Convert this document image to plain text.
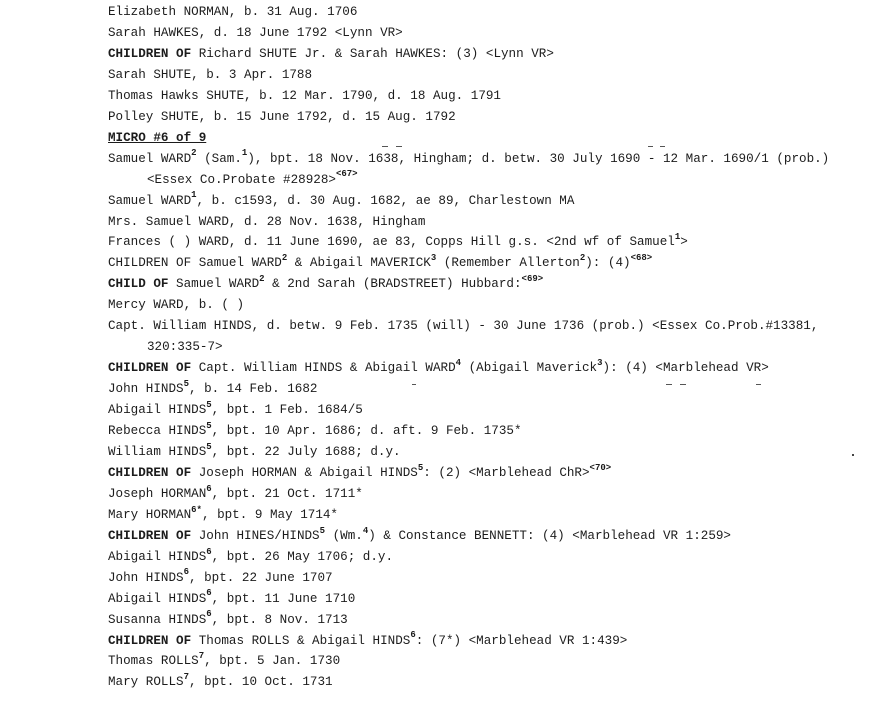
Elizabeth NORMAN, b. 31 Aug. 1706
Sarah HAWKES, d. 18 June 1792 <Lynn VR>
CHILDREN OF Richard SHUTE Jr. & Sarah HAWKES: (3) <Lynn VR>
Sarah SHUTE, b. 3 Apr. 1788
Thomas Hawks SHUTE, b. 12 Mar. 1790, d. 18 Aug. 1791
Polley SHUTE, b. 15 June 1792, d. 15 Aug. 1792
MICRO #6 of 9
Samuel WARD$^2$ (Sam.$^1$), bpt. 18 Nov. 1638, Hingham; d. betw. 30 July 1690 - 12 Mar. 1690/1 (prob.)
<Essex Co.Probate #28928>$^{<67>}$
Samuel WARD$^1$, b. c1593, d. 30 Aug. 1682, ae 89, Charlestown MA
Mrs. Samuel WARD, d. 28 Nov. 1638, Hingham
Frances ( ) WARD, d. 11 June 1690, ae 83, Copps Hill g.s. <2nd wf of Samuel$^1$>
CHILDREN OF Samuel WARD$^2$ & Abigail MAVERICK$^3$ (Remember Allerton$^2$): $(4)^{<68>}$
CHILD OF Samuel WARD$^2$ & 2nd Sarah (BRADSTREET) Hubbard:$^{<69>}$
Mercy WARD, b. ( )
Capt. William HINDS, d. betw. 9 Feb. 1735 (will) - 30 June 1736 (prob.) <Essex Co.Prob.#13381,
320:335-7>
CHILDREN OF Capt. William HINDS & Abigail WARD$^4$ (Abigail Maverick$^3$): (4) <Marblehead VR>
John HINDS$^5$, b. 14 Feb. 1682
Abigail HINDS$^5$, bpt. 1 Feb. 1684/5
Rebecca HINDS$^5$, bpt. 10 Apr. 1686; d. aft. 9 Feb. 1735*
William HINDS$^5$, bpt. 22 July 1688; d.y.
CHILDREN OF Joseph HORMAN & Abigail HINDS$^5$: (2) <Marblehead ChR>$^{<70>}$
Joseph HORMAN$^6$, bpt. 21 Oct. 1711*
Mary $HORMAN^{6*}$, bpt. 9 May 1714*
CHILDREN OF John HINES/HINDS$^5$ (Wm.$^4$) & Constance BENNETT: (4) <Marblehead VR 1:259>
Abigail HINDS$^6$, bpt. 26 May 1706; d.y.
John HINDS$^6$, bpt. 22 June 1707
Abigail HINDS$^6$, bpt. 11 June 1710
Susanna HINDS$^6$, bpt. 8 Nov. 1713
CHILDREN OF Thomas ROLLS & Abigail HINDS$^6$: (7*) <Marblehead VR 1:439>
Thomas ROLLS$^7$, bpt. 5 Jan. 1730
Mary ROLLS$^7$, bpt. 10 Oct. 1731
